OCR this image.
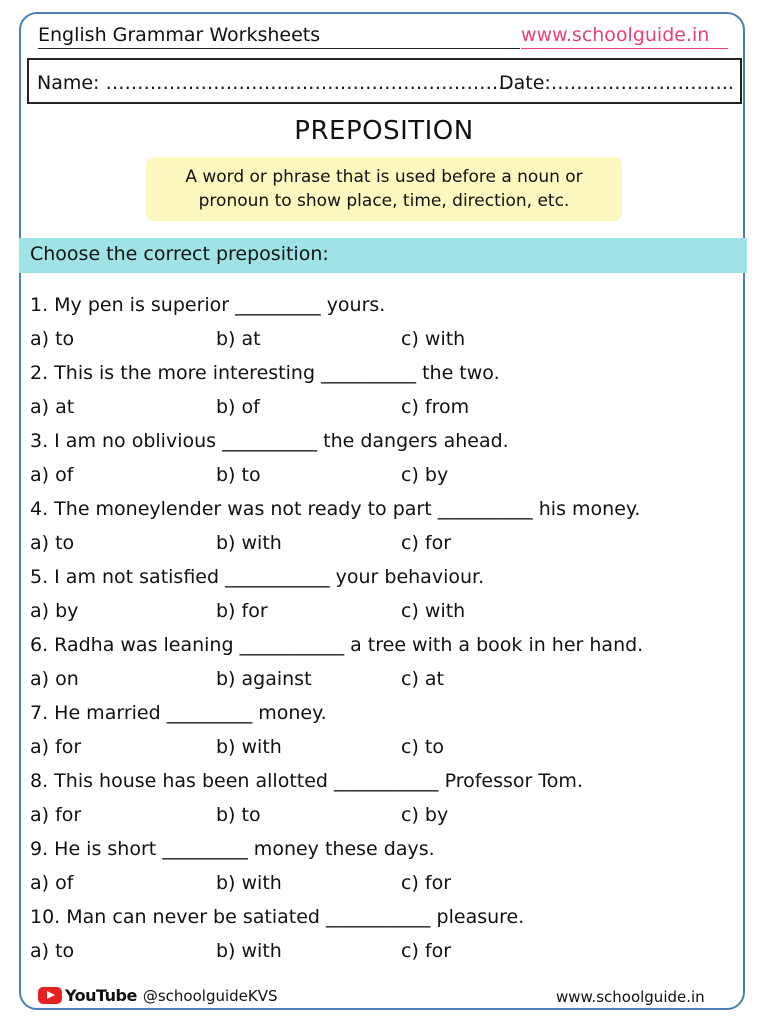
English Grammar Worksheets	www.schoolguide.in
Name: ……………………………………………………….
Date:………………………..
PREPOSITION
A word or phrase that is used before a noun or pronoun to show place, time, direction, etc.
Choose the correct preposition:
1. My pen is superior _________ yours.
a) to	b) at	c) with
2. This is the more interesting __________ the two.
a) at	b) of	c) from
3. I am no oblivious __________ the dangers ahead.
a) of	b) to	c) by
4. The moneylender was not ready to part __________ his money.
a) to	b) with	c) for
5. I am not satisfied ___________ your behaviour.
a) by	b) for	c) with
6. Radha was leaning ___________ a tree with a book in her hand.
a) on	b) against	c) at
7. He married _________ money.
a) for	b) with	c) to
8. This house has been allotted ___________ Professor Tom.
a) for	b) to	c) by
9. He is short _________ money these days.
a) of	b) with	c) for
10. Man can never be satiated ___________ pleasure.
a) to	b) with	c) for
YouTube @schoolguideKVS	www.schoolguide.in
